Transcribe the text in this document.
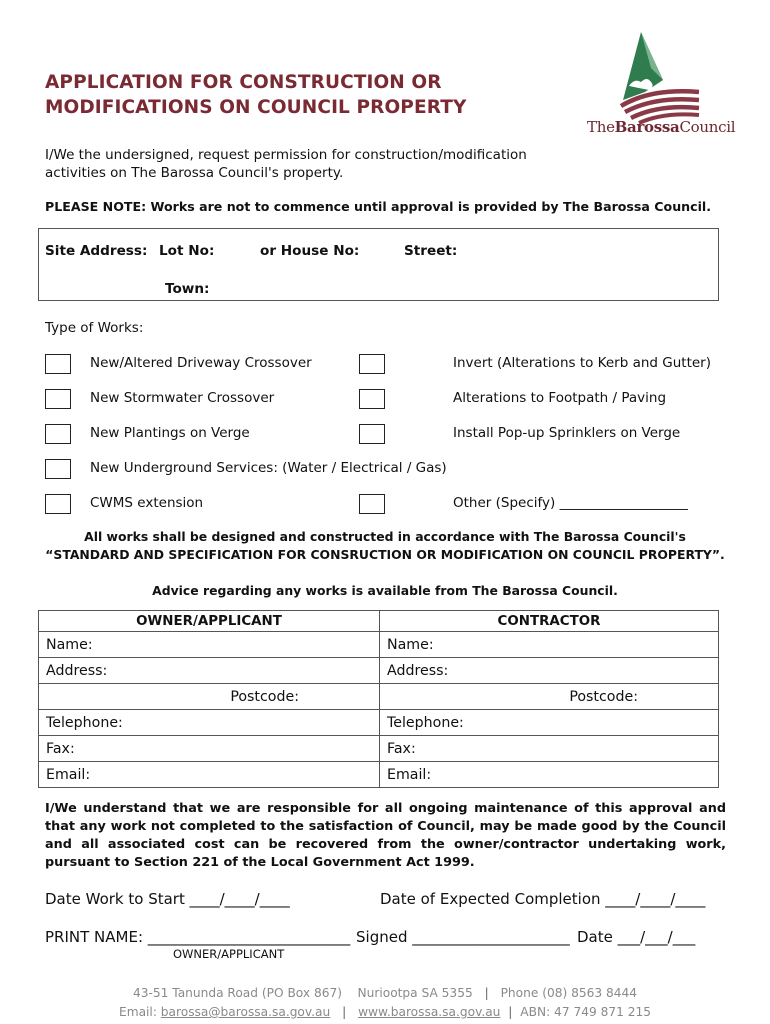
APPLICATION FOR CONSTRUCTION OR
MODIFICATIONS ON COUNCIL PROPERTY
TheBarossaCouncil
I/We the undersigned, request permission for construction/modification
activities on The Barossa Council's property.
PLEASE NOTE: Works are not to commence until approval is provided by The Barossa Council.
Site Address: Lot No:	or House No:	Street:
Town:
Type of Works:
New/Altered Driveway Crossover	Invert (Alterations to Kerb and Gutter)
New Stormwater Crossover	Alterations to Footpath / Paving
New Plantings on Verge	Install Pop-up Sprinklers on Verge
New Underground Services: (Water / Electrical / Gas)
CWMS extension	Other (Specify) ___________________
All works shall be designed and constructed in accordance with The Barossa Council's
“STANDARD AND SPECIFICATION FOR CONSRUCTION OR MODIFICATION ON COUNCIL PROPERTY”.
Advice regarding any works is available from The Barossa Council.
OWNER/APPLICANT	CONTRACTOR
Name:	Name:
Address:	Address:
Postcode:	Postcode:
Telephone:	Telephone:
Fax:	Fax:
Email:	Email:
I/We understand that we are responsible for all ongoing maintenance of this approval and that any work not completed to the satisfaction of Council, may be made good by the Council and all associated cost can be recovered from the owner/contractor undertaking work, pursuant to Section 221 of the Local Government Act 1999.
Date Work to Start ____/____/____	Date of Expected Completion ____/____/____
PRINT NAME: ___________________________ Signed _____________________ Date ___/___/___
OWNER/APPLICANT
43-51 Tanunda Road (PO Box 867) Nuriootpa SA 5355 | Phone (08) 8563 8444
Email: barossa@barossa.sa.gov.au | www.barossa.sa.gov.au | ABN: 47 749 871 215
